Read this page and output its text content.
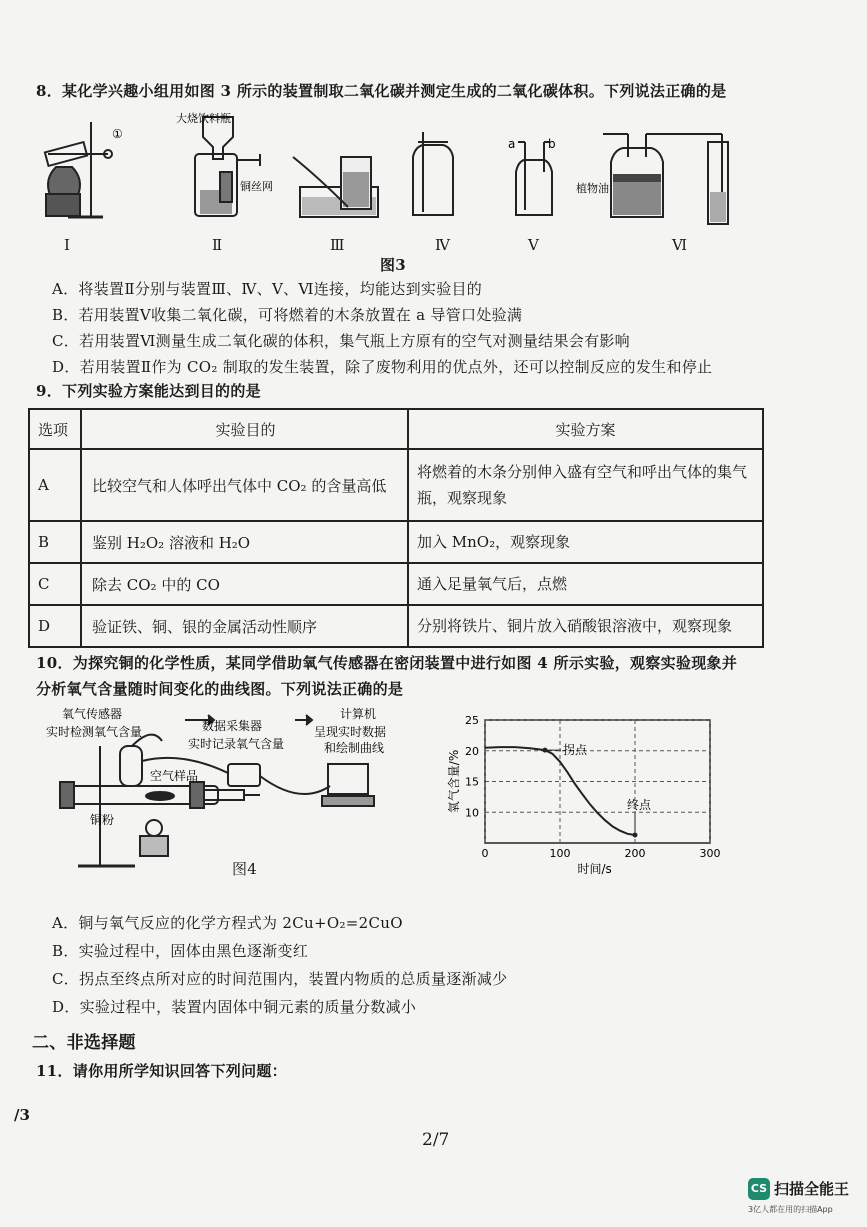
8．某化学兴趣小组用如图 3 所示的装置制取二氧化碳并测定生成的二氧化碳体积。下列说法正确的是
①
大烧饮料瓶
铜丝网
a	b
植物油
Ⅰ	Ⅱ	Ⅲ	Ⅳ	Ⅴ	Ⅵ
图3
A．将装置Ⅱ分别与装置Ⅲ、Ⅳ、Ⅴ、Ⅵ连接，均能达到实验目的
B．若用装置Ⅴ收集二氧化碳，可将燃着的木条放置在 a 导管口处验满
C．若用装置Ⅵ测量生成二氧化碳的体积，集气瓶上方原有的空气对测量结果会有影响
D．若用装置Ⅱ作为 CO₂ 制取的发生装置，除了废物利用的优点外，还可以控制反应的发生和停止
9．下列实验方案能达到目的的是
选项	实验目的	实验方案
A	比较空气和人体呼出气体中 CO₂ 的含量高低	将燃着的木条分别伸入盛有空气和呼出气体的集气瓶，观察现象
B	鉴别 H₂O₂ 溶液和 H₂O	加入 MnO₂，观察现象
C	除去 CO₂ 中的 CO	通入足量氧气后，点燃
D	验证铁、铜、银的金属活动性顺序	分别将铁片、铜片放入硝酸银溶液中，观察现象
10．为探究铜的化学性质，某同学借助氧气传感器在密闭装置中进行如图 4 所示实验，观察实验现象并
分析氧气含量随时间变化的曲线图。下列说法正确的是
氧气传感器
实时检测氧气含量	数据采集器
实时记录氧气含量
计算机
呈现实时数据
和绘制曲线
空气样品
铜粉
图4
10
15
20
25
0	100	200	300
拐点
终点
氧气含量/%
时间/s
A．铜与氧气反应的化学方程式为 2Cu+O₂=2CuO
B．实验过程中，固体由黑色逐渐变红
C．拐点至终点所对应的时间范围内，装置内物质的总质量逐渐减少
D．实验过程中，装置内固体中铜元素的质量分数减小
二、非选择题
11．请你用所学知识回答下列问题：
/3
2/7
CS 扫描全能王
3亿人都在用的扫描App
